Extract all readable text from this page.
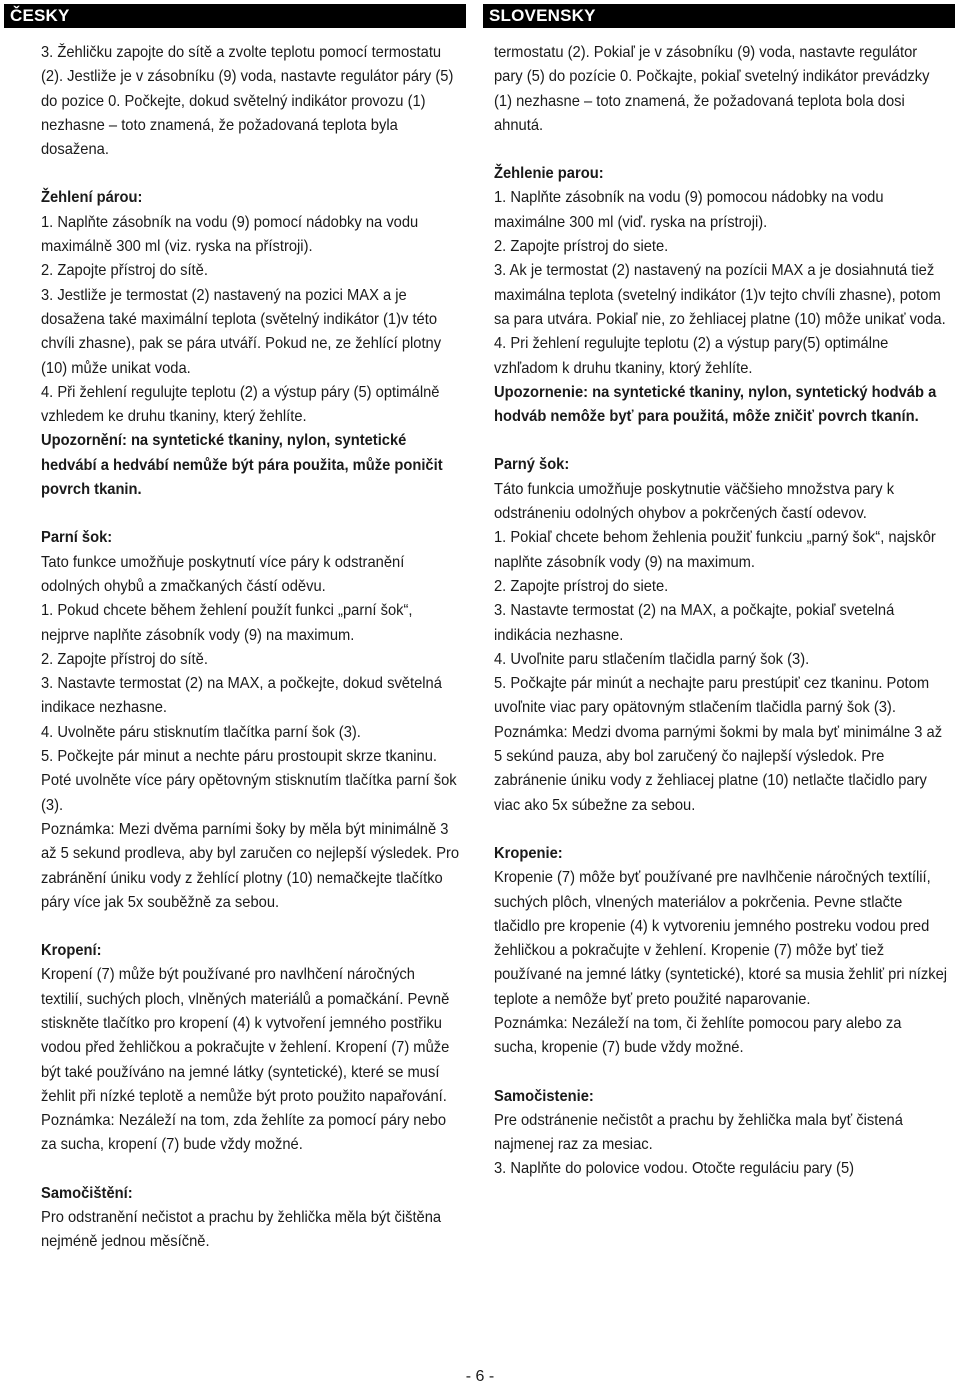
ČESKY

3. Žehličku zapojte do sítě a zvolte teplotu pomocí termostatu (2). Jestliže je v zásobníku (9) voda, nastavte regulátor páry (5) do pozice 0. Počkejte, dokud světelný indikátor provozu (1) nezhasne – toto znamená, že požadovaná teplota byla dosažena.

Žehlení párou:

1. Naplňte zásobník na vodu (9) pomocí nádobky na vodu maximálně 300 ml (viz. ryska na přístroji).

2. Zapojte přístroj do sítě.

3. Jestliže je termostat (2) nastavený na pozici MAX a je dosažena také maximální teplota (světelný indikátor (1)v této chvíli zhasne), pak se pára utváří. Pokud ne, ze žehlící plotny (10) může unikat voda.

4. Při žehlení regulujte teplotu (2) a výstup páry (5) optimálně vzhledem ke druhu tkaniny, který žehlíte.

Upozornění: na syntetické tkaniny, nylon, syntetické hedvábí a hedvábí nemůže být pára použita, může poničit povrch tkanin.

Parní šok:

Tato funkce umožňuje poskytnutí více páry k odstranění odolných ohybů a zmačkaných částí oděvu.

1. Pokud chcete během žehlení použít funkci „parní šok“, nejprve naplňte zásobník vody (9) na maximum.

2. Zapojte přístroj do sítě.

3. Nastavte termostat (2) na MAX, a počkejte, dokud světelná indikace nezhasne.

4. Uvolněte páru stisknutím tlačítka parní šok (3).

5. Počkejte pár minut a nechte páru prostoupit skrze tkaninu. Poté uvolněte více páry opětovným stisknutím tlačítka parní šok (3).

Poznámka: Mezi dvěma parními šoky by měla být minimálně 3 až 5 sekund prodleva, aby byl zaručen co nejlepší výsledek. Pro zabránění úniku vody z žehlící plotny (10) nemačkejte tlačítko páry více jak 5x souběžně za sebou.

Kropení:

Kropení (7) může být používané pro navlhčení náročných textilií, suchých ploch, vlněných materiálů a pomačkání. Pevně stiskněte tlačítko pro kropení (4) k vytvoření jemného postřiku vodou před žehličkou a pokračujte v žehlení. Kropení (7) může být také používáno na jemné látky (syntetické), které se musí žehlit při nízké teplotě a nemůže být proto použito napařování.

Poznámka: Nezáleží na tom, zda žehlíte za pomocí páry nebo za sucha, kropení (7) bude vždy možné.

Samočištění:

Pro odstranění nečistot a prachu by žehlička měla být čištěna nejméně jednou měsíčně.

SLOVENSKY

termostatu (2). Pokiaľ je v zásobníku (9) voda, nastavte regulátor pary (5) do pozície 0. Počkajte, pokiaľ svetelný indikátor prevádzky (1) nezhasne – toto znamená, že požadovaná teplota bola dosi ahnutá.

Žehlenie parou:

1. Naplňte zásobník na vodu (9) pomocou nádobky na vodu maximálne 300 ml (viď. ryska na prístroji).

2. Zapojte prístroj do siete.

3. Ak je termostat (2) nastavený na pozícii MAX a je dosiahnutá tiež maximálna teplota (svetelný indikátor (1)v tejto chvíli zhasne), potom sa para utvára. Pokiaľ nie, zo žehliacej platne (10) môže unikať voda.

4. Pri žehlení regulujte teplotu (2) a výstup pary(5) optimálne vzhľadom k druhu tkaniny, ktorý žehlíte.

Upozornenie: na syntetické tkaniny, nylon, syntetický hodváb a hodváb nemôže byť para použitá, môže zničiť povrch tkanín.

Parný šok:

Táto funkcia umožňuje poskytnutie väčšieho množstva pary k odstráneniu odolných ohybov a pokrčených častí odevov.

1. Pokiaľ chcete behom žehlenia použiť funkciu „parný šok“, najskôr naplňte zásobník vody (9) na maximum.

2. Zapojte prístroj do siete.

3. Nastavte termostat (2) na MAX, a počkajte, pokiaľ svetelná indikácia nezhasne.

4. Uvoľnite paru stlačením tlačidla parný šok (3).

5. Počkajte pár minút a nechajte paru prestúpiť cez tkaninu. Potom uvoľnite viac pary opätovným stlačením tlačidla parný šok (3).

Poznámka: Medzi dvoma parnými šokmi by mala byť minimálne 3 až 5 sekúnd pauza, aby bol zaručený čo najlepší výsledok. Pre zabránenie úniku vody z žehliacej platne (10) netlačte tlačidlo pary viac ako 5x súbežne za sebou.

Kropenie:

Kropenie (7) môže byť používané pre navlhčenie náročných textílií, suchých plôch, vlnených materiálov a pokrčenia. Pevne stlačte tlačidlo pre kropenie (4) k vytvoreniu jemného postreku vodou pred žehličkou a pokračujte v žehlení. Kropenie (7) môže byť tiež používané na jemné látky (syntetické), ktoré sa musia žehliť pri nízkej teplote a nemôže byť preto použité naparovanie.

Poznámka: Nezáleží na tom, či žehlíte pomocou pary alebo za sucha, kropenie (7) bude vždy možné.

Samočistenie:

Pre odstránenie nečistôt a prachu by žehlička mala byť čistená najmenej raz za mesiac.

3. Naplňte do polovice vodou. Otočte reguláciu pary (5)

- 6 -
